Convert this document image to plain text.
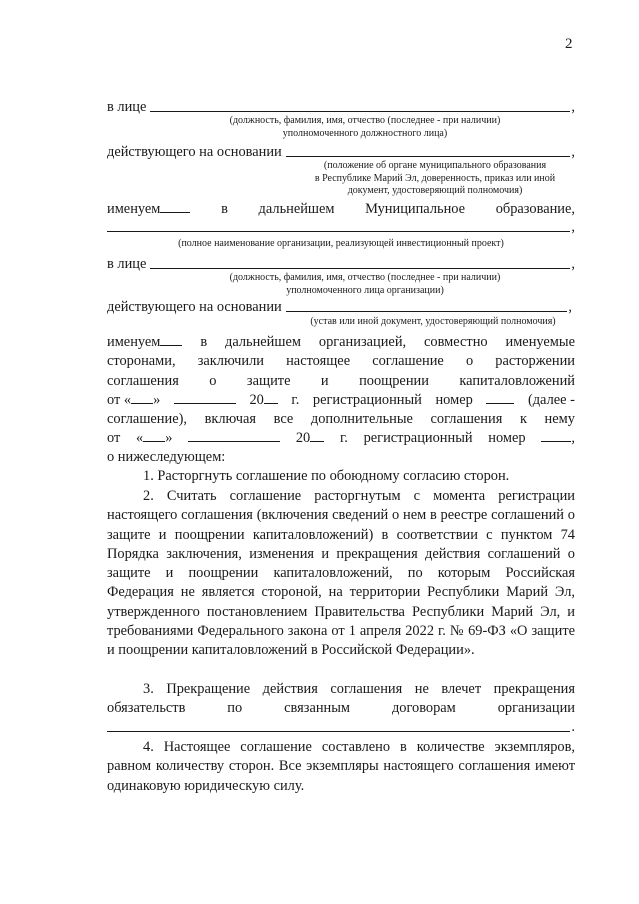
2
в лице	,
(должность, фамилия, имя, отчество (последнее - при наличии)
уполномоченного должностного лица)
действующего на основании	,
(положение об органе муниципального образования
в Республике Марий Эл, доверенность, приказ или иной
документ, удостоверяющий полномочия)
именуем	в дальнейшем Муниципальное образование,
,
(полное наименование организации, реализующей инвестиционный проект)
в лице	,
(должность, фамилия, имя, отчество (последнее - при наличии)
уполномоченного лица организации)
действующего на основании	,
(устав или иной документ, удостоверяющий полномочия)
именуем	в дальнейшем организацией, совместно именуемые
сторонами, заключили настоящее соглашение о расторжении
соглашения о защите и поощрении капиталовложений
от « »	20	г. регистрационный номер	(далее -
соглашение), включая все дополнительные соглашения к нему
от « »	20	г. регистрационный номер	,
о нижеследующем:
1. Расторгнуть соглашение по обоюдному согласию сторон.
2. Считать соглашение расторгнутым с момента регистрации настоящего соглашения (включения сведений о нем в реестре соглашений о защите и поощрении капиталовложений) в соответствии с пунктом 74 Порядка заключения, изменения и прекращения действия соглашений о защите и поощрении капиталовложений, по которым Российская Федерация не является стороной, на территории Республики Марий Эл, утвержденного постановлением Правительства Республики Марий Эл, и требованиями Федерального закона от 1 апреля 2022 г. № 69-ФЗ «О защите и поощрении капиталовложений в Российской Федерации».
3. Прекращение действия соглашения не влечет прекращения обязательств по связанным договорам организации
.
4. Настоящее соглашение составлено в количестве экземпляров, равном количеству сторон. Все экземпляры настоящего соглашения имеют одинаковую юридическую силу.
